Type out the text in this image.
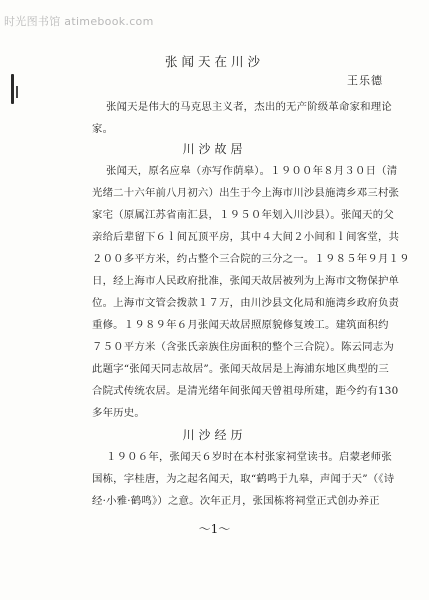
时光图书馆 atimebook.com
张闻天在川沙
王乐德
张闻天是伟大的马克思主义者，杰出的无产阶级革命家和理论
家。
川沙故居
张闻天，原名应皋（亦写作荫皋）。１９００年８月３０日（清
光绪二十六年前八月初六）出生于今上海市川沙县施湾乡邓三村张
家宅（原属江苏省南汇县，１９５０年划入川沙县）。张闻天的父
亲给后辈留下６ｌ间瓦顶平房，其中４大间２小间和ｌ间客堂，共
２００多平方米，约占整个三合院的三分之一。１９８５年９月１９
日，经上海市人民政府批准，张闻天故居被列为上海市文物保护单
位。上海市文管会拨款１７万，由川沙县文化局和施湾乡政府负责
重修。１９８９年６月张闻天故居照原貌修复竣工。建筑面积约
７５０平方米（含张氏亲族住房面积的整个三合院）。陈云同志为
此题字“张闻天同志故居”。张闻天故居是上海浦东地区典型的三
合院式传统农居。是清光绪年间张闻天曾祖母所建，距今约有130
多年历史。
川沙经历
１９０６年，张闻天６岁时在本村张家祠堂读书。启蒙老师张
国栋，字桂唐，为之起名闻天，取“鹤鸣于九皋，声闻于天”（《诗
经·小雅·鹤鸣》）之意。次年正月，张国栋将祠堂正式创办养正
～1～
